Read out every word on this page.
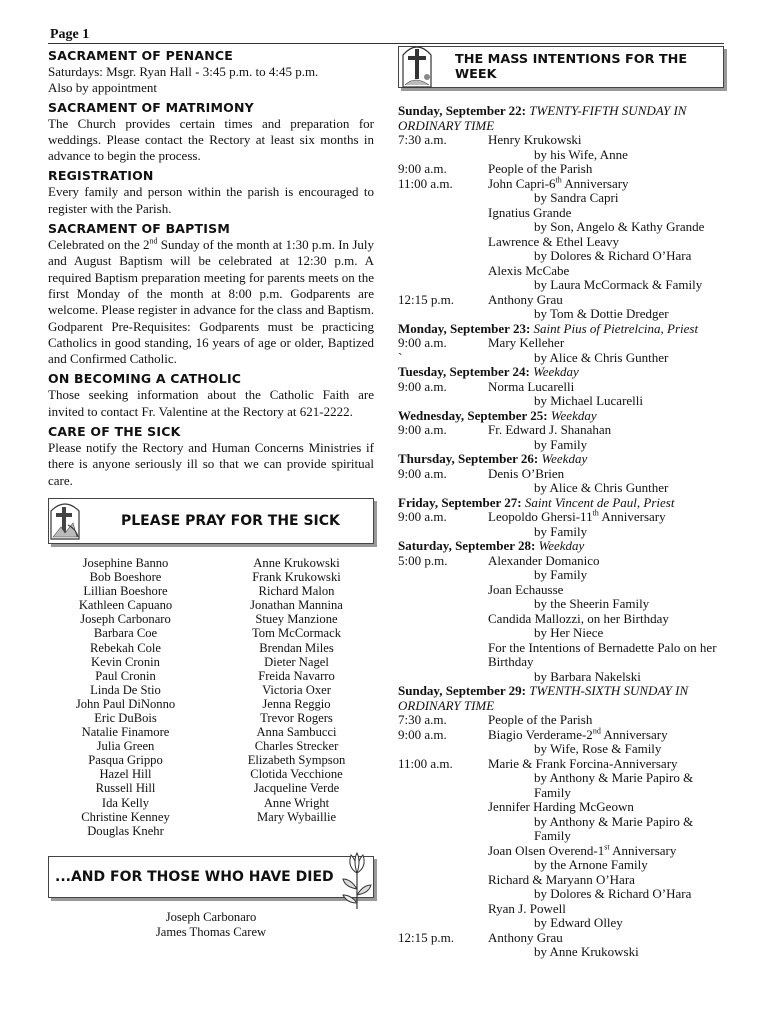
Page 1
SACRAMENT OF PENANCE
Saturdays: Msgr. Ryan Hall - 3:45 p.m. to 4:45 p.m.
Also by appointment
SACRAMENT OF MATRIMONY

The Church provides certain times and preparation for weddings. Please contact the Rectory at least six months in advance to begin the process.

REGISTRATION

Every family and person within the parish is encouraged to register with the Parish.

SACRAMENT OF BAPTISM

Celebrated on the 2nd Sunday of the month at 1:30 p.m. In July and August Baptism will be celebrated at 12:30 p.m. A required Baptism preparation meeting for parents meets on the first Monday of the month at 8:00 p.m. Godparents are welcome. Please register in advance for the class and Baptism. Godparent Pre-Requisites: Godparents must be practicing Catholics in good standing, 16 years of age or older, Baptized and Confirmed Catholic.

ON BECOMING A CATHOLIC

Those seeking information about the Catholic Faith are invited to contact Fr. Valentine at the Rectory at 621-2222.

CARE OF THE SICK

Please notify the Rectory and Human Concerns Ministries if there is anyone seriously ill so that we can provide spiritual care.

PLEASE PRAY FOR THE SICK
Josephine Banno
Bob Boeshore
Lillian Boeshore
Kathleen Capuano
Joseph Carbonaro
Barbara Coe
Rebekah Cole
Kevin Cronin
Paul Cronin
Linda De Stio
John Paul DiNonno
Eric DuBois
Natalie Finamore
Julia Green
Pasqua Grippo
Hazel Hill
Russell Hill
Ida Kelly
Christine Kenney
Douglas Knehr
Anne Krukowski
Frank Krukowski
Richard Malon
Jonathan Mannina
Stuey Manzione
Tom McCormack
Brendan Miles
Dieter Nagel
Freida Navarro
Victoria Oxer
Jenna Reggio
Trevor Rogers
Anna Sambucci
Charles Strecker
Elizabeth Sympson
Clotida Vecchione
Jacqueline Verde
Anne Wright
Mary Wybaillie
...AND FOR THOSE WHO HAVE DIED
Joseph Carbonaro
James Thomas Carew
THE MASS INTENTIONS FOR THE WEEK
Sunday, September 22: TWENTY-FIFTH SUNDAY IN ORDINARY TIME
7:30 a.m.	Henry Krukowski
by his Wife, Anne
9:00 a.m.	People of the Parish
11:00 a.m.	John Capri-6th Anniversary
by Sandra Capri
Ignatius Grande
by Son, Angelo & Kathy Grande
Lawrence & Ethel Leavy
by Dolores & Richard O’Hara
Alexis McCabe
by Laura McCormack & Family
12:15 p.m.	Anthony Grau
by Tom & Dottie Dredger
Monday, September 23: Saint Pius of Pietrelcina, Priest
9:00 a.m.	Mary Kelleher
`	by Alice & Chris Gunther
Tuesday, September 24: Weekday
9:00 a.m.	Norma Lucarelli
by Michael Lucarelli
Wednesday, September 25: Weekday
9:00 a.m.	Fr. Edward J. Shanahan
by Family
Thursday, September 26: Weekday
9:00 a.m.	Denis O’Brien
by Alice & Chris Gunther
Friday, September 27: Saint Vincent de Paul, Priest
9:00 a.m.	Leopoldo Ghersi-11th Anniversary
by Family
Saturday, September 28: Weekday
5:00 p.m.	Alexander Domanico
by Family
Joan Echausse
by the Sheerin Family
Candida Mallozzi, on her Birthday
by Her Niece
For the Intentions of Bernadette Palo on her Birthday
by Barbara Nakelski
Sunday, September 29: TWENTH-SIXTH SUNDAY IN ORDINARY TIME
7:30 a.m.	People of the Parish
9:00 a.m.	Biagio Verderame-2nd Anniversary
by Wife, Rose & Family
11:00 a.m.	Marie & Frank Forcina-Anniversary
by Anthony & Marie Papiro & Family
Jennifer Harding McGeown
by Anthony & Marie Papiro & Family
Joan Olsen Overend-1st Anniversary
by the Arnone Family
Richard & Maryann O’Hara
by Dolores & Richard O’Hara
Ryan J. Powell
by Edward Olley
12:15 p.m.	Anthony Grau
by Anne Krukowski
